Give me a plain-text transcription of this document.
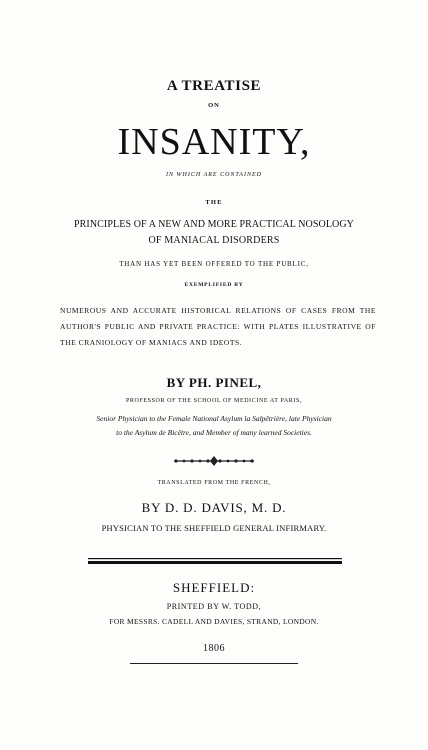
A TREATISE

ON

INSANITY,

IN WHICH ARE CONTAINED

THE

PRINCIPLES OF A NEW AND MORE PRACTICAL NOSOLOGY

OF MANIACAL DISORDERS

THAN HAS YET BEEN OFFERED TO THE PUBLIC,

EXEMPLIFIED BY

NUMEROUS AND ACCURATE HISTORICAL RELATIONS OF CASES FROM THE AUTHOR'S PUBLIC AND PRIVATE PRACTICE: WITH PLATES ILLUSTRATIVE OF THE CRANIOLOGY OF MANIACS AND IDEOTS.

BY PH. PINEL,

PROFESSOR OF THE SCHOOL OF MEDICINE AT PARIS,

Senior Physician to the Female National Asylum la Salpêtrière, late Physician

to the Asylum de Bicêtre, and Member of many learned Societies.

TRANSLATED FROM THE FRENCH,

BY D. D. DAVIS, M. D.

PHYSICIAN TO THE SHEFFIELD GENERAL INFIRMARY.

SHEFFIELD:

PRINTED BY W. TODD,

FOR MESSRS. CADELL AND DAVIES, STRAND, LONDON.

1806
